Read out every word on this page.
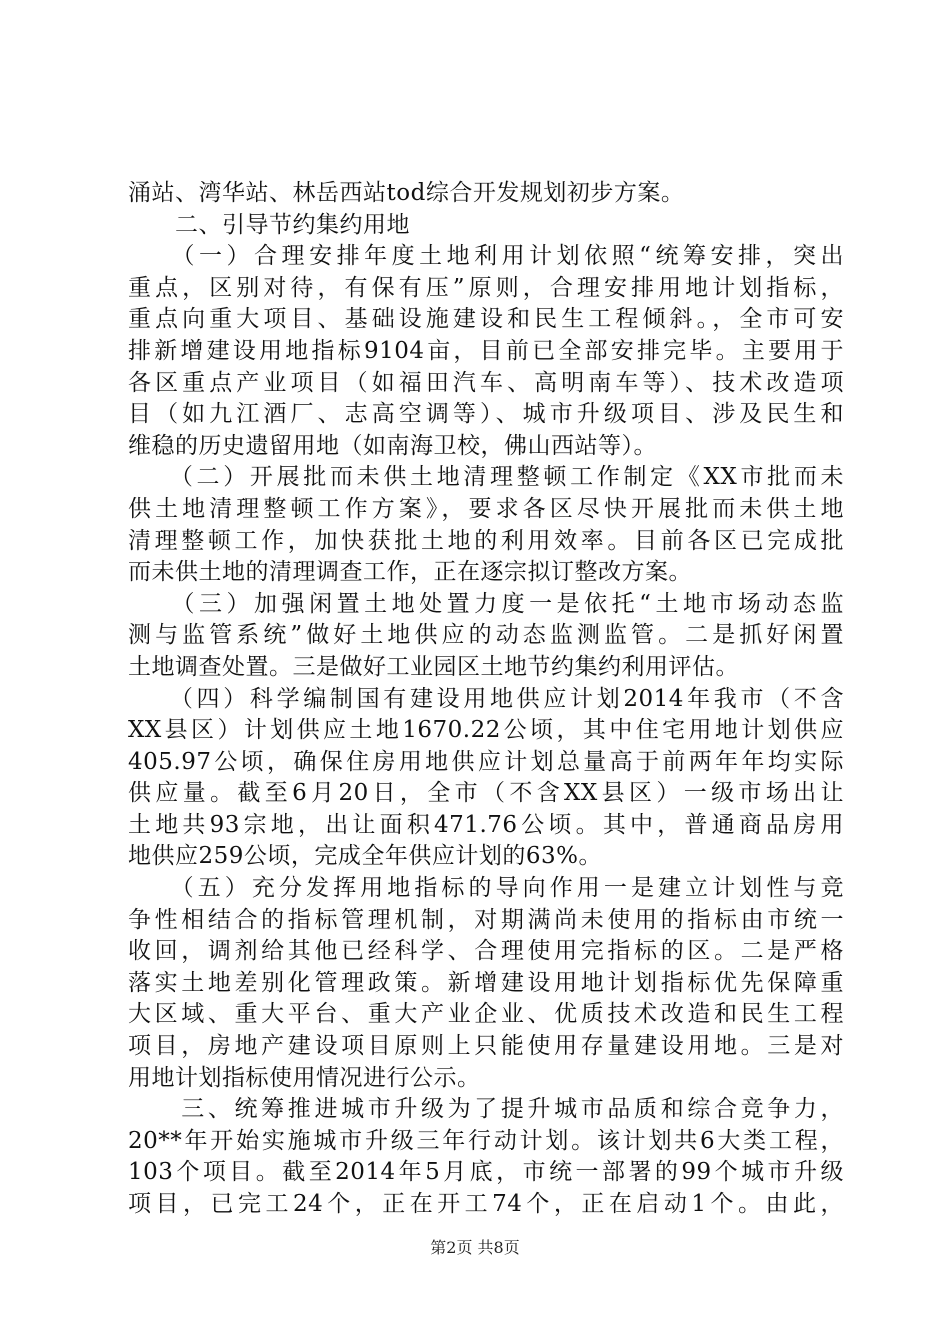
涌站、湾华站、林岳西站tod综合开发规划初步方案。
　　二、引导节约集约用地
　　（一）合理安排年度土地利用计划依照“统筹安排，突出
重点，区别对待，有保有压”原则，合理安排用地计划指标，
重点向重大项目、基础设施建设和民生工程倾斜。，全市可安
排新增建设用地指标9104亩，目前已全部安排完毕。主要用于
各区重点产业项目（如福田汽车、高明南车等）、技术改造项
目（如九江酒厂、志高空调等）、城市升级项目、涉及民生和
维稳的历史遗留用地（如南海卫校，佛山西站等）。
　　（二）开展批而未供土地清理整顿工作制定《XX市批而未
供土地清理整顿工作方案》，要求各区尽快开展批而未供土地
清理整顿工作，加快获批土地的利用效率。目前各区已完成批
而未供土地的清理调查工作，正在逐宗拟订整改方案。
　　（三）加强闲置土地处置力度一是依托“土地市场动态监
测与监管系统”做好土地供应的动态监测监管。二是抓好闲置
土地调查处置。三是做好工业园区土地节约集约利用评估。
　　（四）科学编制国有建设用地供应计划2014年我市（不含
XX县区）计划供应土地1670.22公顷，其中住宅用地计划供应
405.97公顷，确保住房用地供应计划总量高于前两年年均实际
供应量。截至6月20日，全市（不含XX县区）一级市场出让
土地共93宗地，出让面积471.76公顷。其中，普通商品房用
地供应259公顷，完成全年供应计划的63%。
　　（五）充分发挥用地指标的导向作用一是建立计划性与竞
争性相结合的指标管理机制，对期满尚未使用的指标由市统一
收回，调剂给其他已经科学、合理使用完指标的区。二是严格
落实土地差别化管理政策。新增建设用地计划指标优先保障重
大区域、重大平台、重大产业企业、优质技术改造和民生工程
项目，房地产建设项目原则上只能使用存量建设用地。三是对
用地计划指标使用情况进行公示。
　　三、统筹推进城市升级为了提升城市品质和综合竞争力，
20**年开始实施城市升级三年行动计划。该计划共6大类工程，
103个项目。截至2014年5月底，市统一部署的99个城市升级
项目，已完工24个，正在开工74个，正在启动1个。由此，
第2页 共8页
